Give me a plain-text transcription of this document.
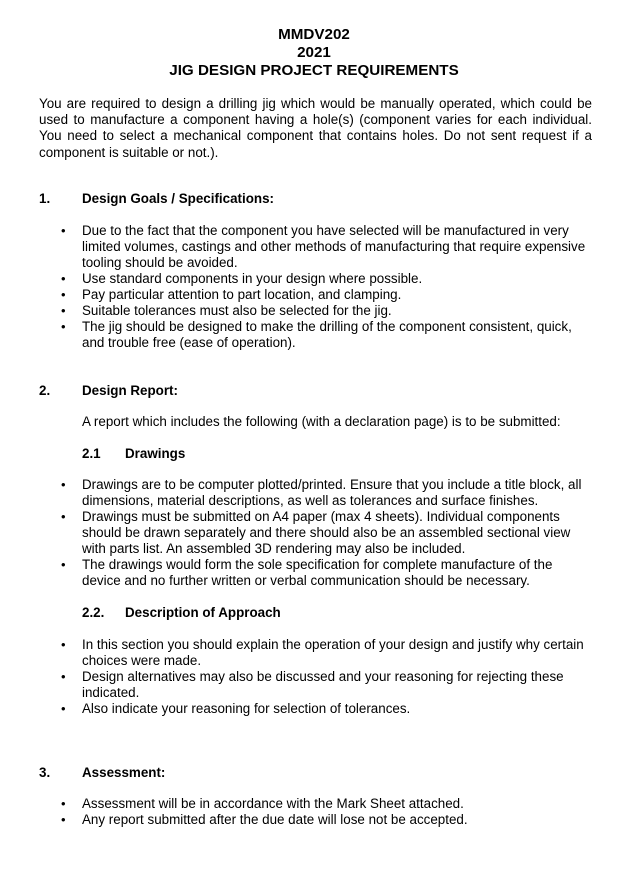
MMDV202
2021
JIG DESIGN PROJECT REQUIREMENTS
You are required to design a drilling jig which would be manually operated, which could be used to manufacture a component having a hole(s) (component varies for each individual. You need to select a mechanical component that contains holes. Do not sent request if a component is suitable or not.).
1. Design Goals / Specifications:
• Due to the fact that the component you have selected will be manufactured in very limited volumes, castings and other methods of manufacturing that require expensive tooling should be avoided.
• Use standard components in your design where possible.
• Pay particular attention to part location, and clamping.
• Suitable tolerances must also be selected for the jig.
• The jig should be designed to make the drilling of the component consistent, quick, and trouble free (ease of operation).
2. Design Report:
A report which includes the following (with a declaration page) is to be submitted:
2.1 Drawings
• Drawings are to be computer plotted/printed. Ensure that you include a title block, all dimensions, material descriptions, as well as tolerances and surface finishes.
• Drawings must be submitted on A4 paper (max 4 sheets). Individual components should be drawn separately and there should also be an assembled sectional view with parts list. An assembled 3D rendering may also be included.
• The drawings would form the sole specification for complete manufacture of the device and no further written or verbal communication should be necessary.
2.2. Description of Approach
• In this section you should explain the operation of your design and justify why certain choices were made.
• Design alternatives may also be discussed and your reasoning for rejecting these indicated.
• Also indicate your reasoning for selection of tolerances.
3. Assessment:
• Assessment will be in accordance with the Mark Sheet attached.
• Any report submitted after the due date will lose not be accepted.
